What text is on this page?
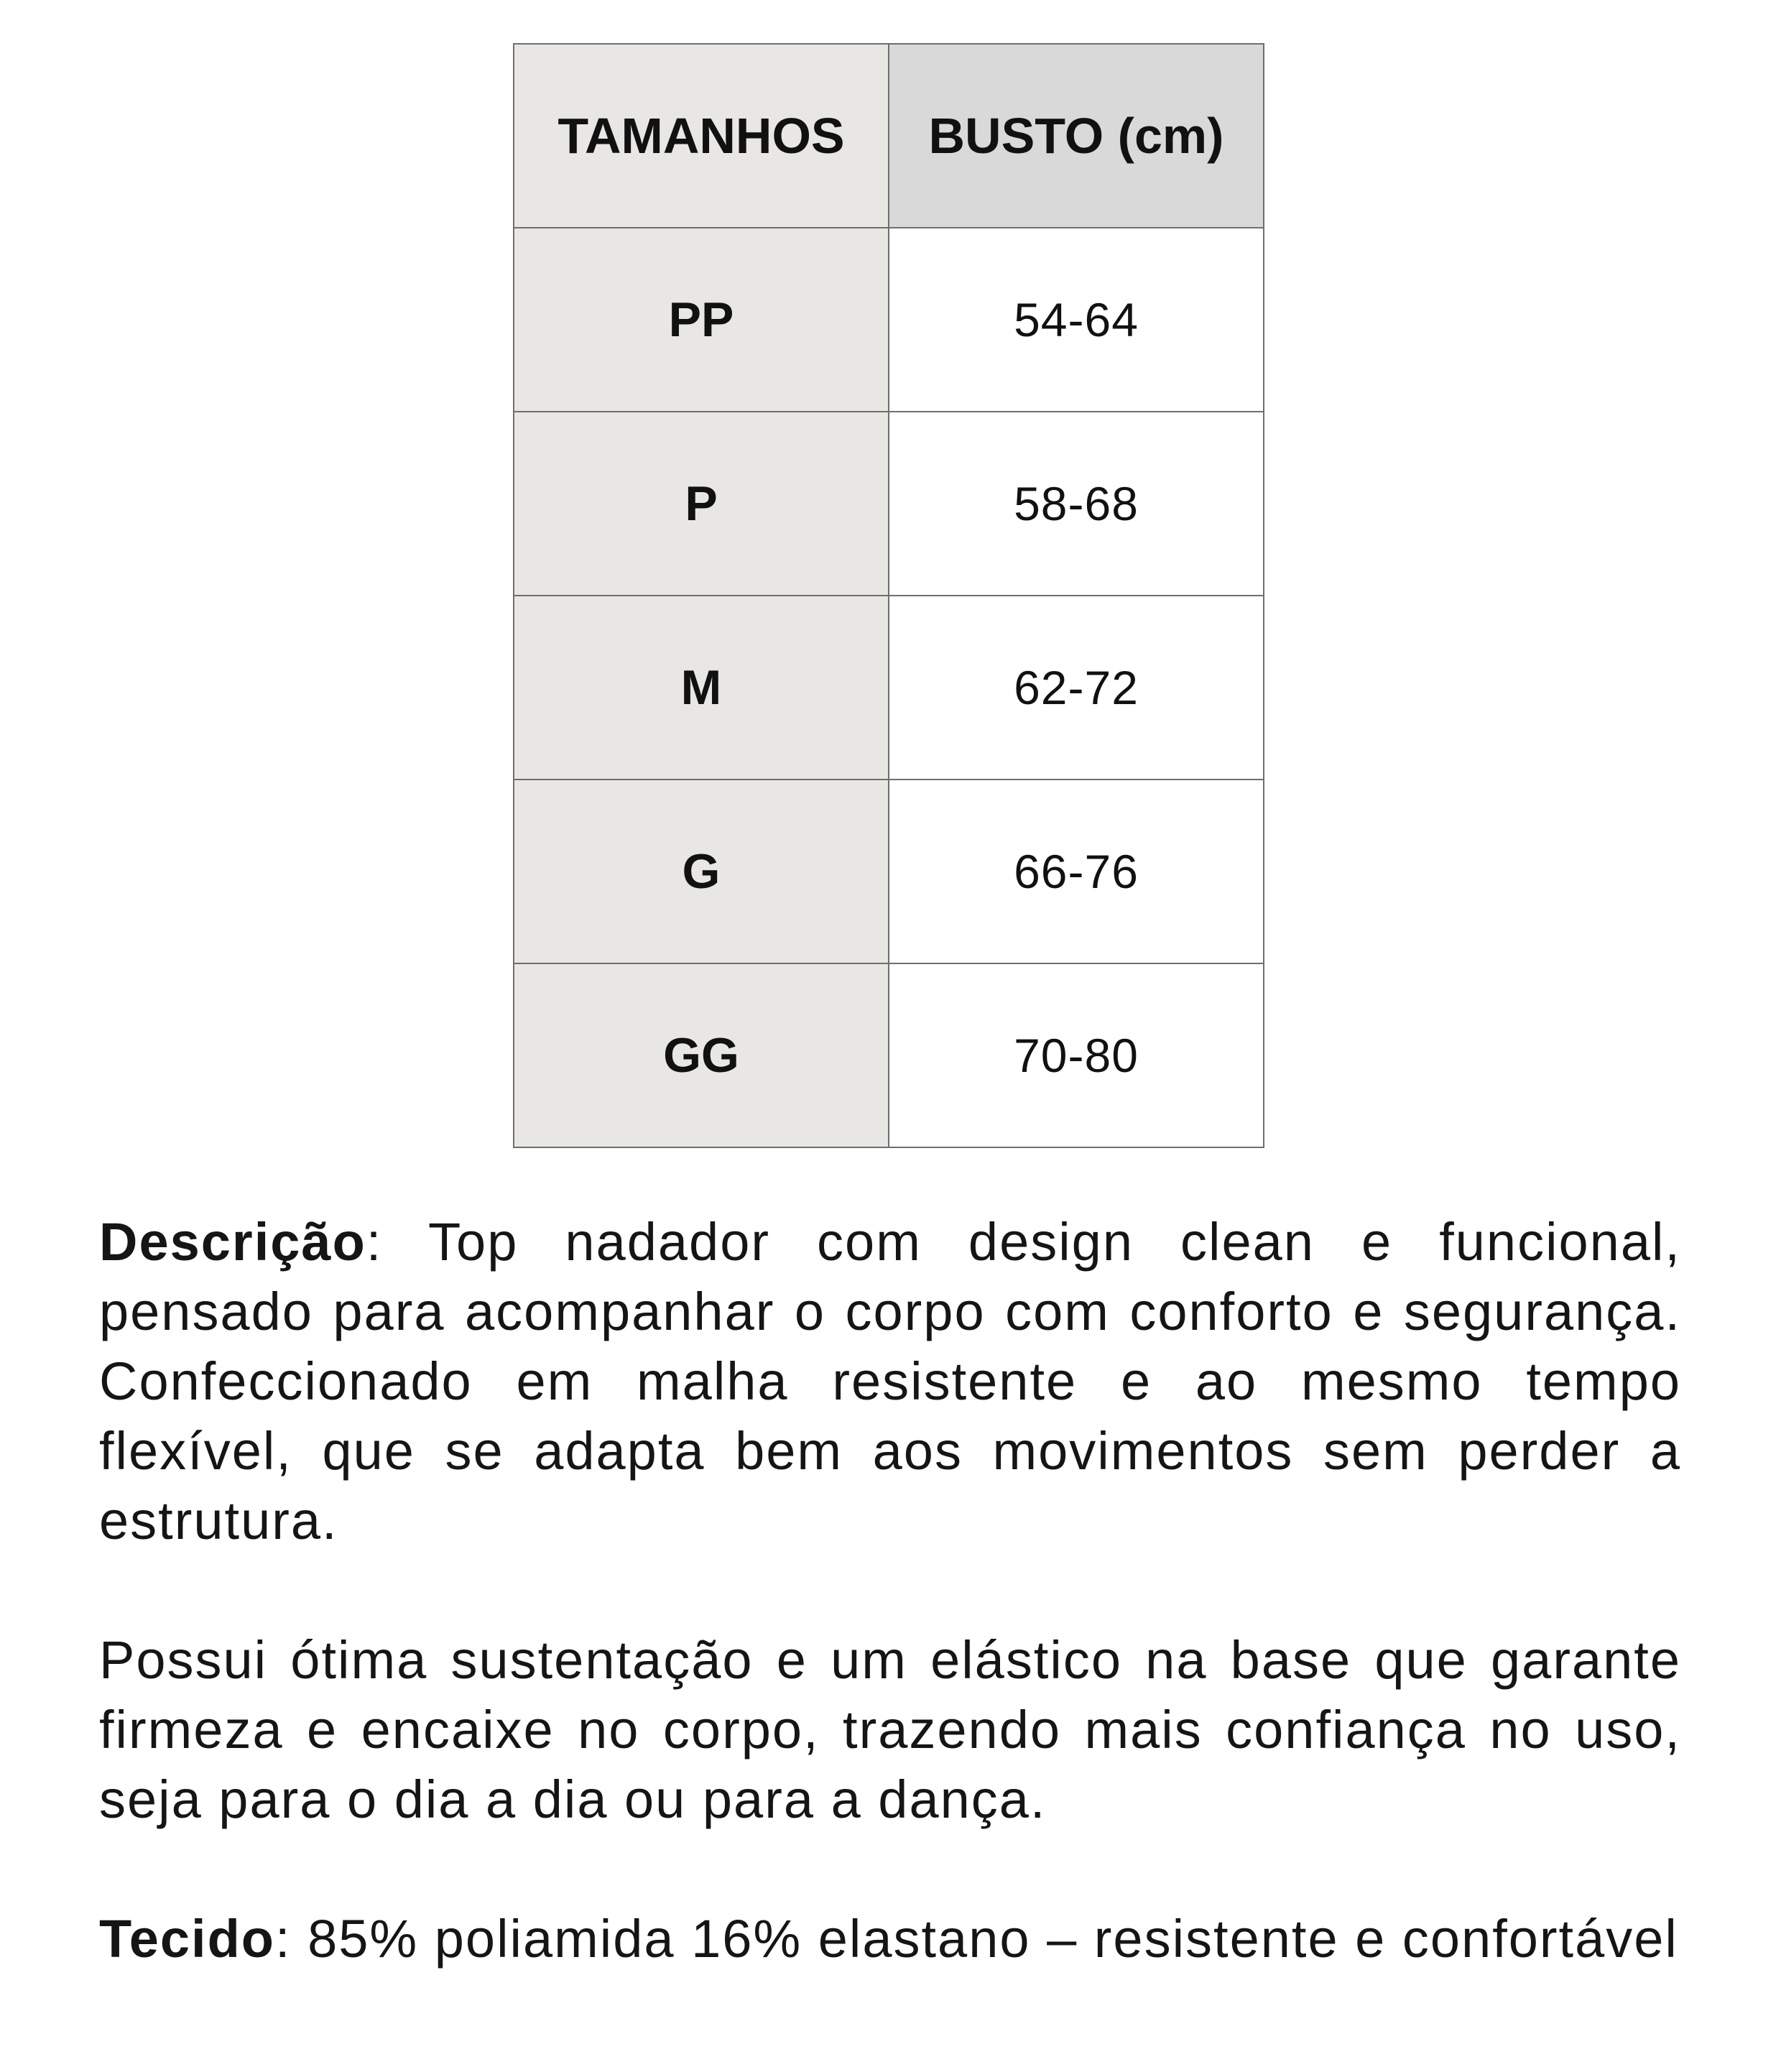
TAMANHOS	BUSTO (cm)
PP	54-64
P	58-68
M	62-72
G	66-76
GG	70-80

Descrição: Top nadador com design clean e funcional, pensado para acompanhar o corpo com conforto e segurança. Confeccionado em malha resistente e ao mesmo tempo flexível, que se adapta bem aos movimentos sem perder a estrutura.

Possui ótima sustentação e um elástico na base que garante firmeza e encaixe no corpo, trazendo mais confiança no uso, seja para o dia a dia ou para a dança.

Tecido: 85% poliamida 16% elastano – resistente e confortável
